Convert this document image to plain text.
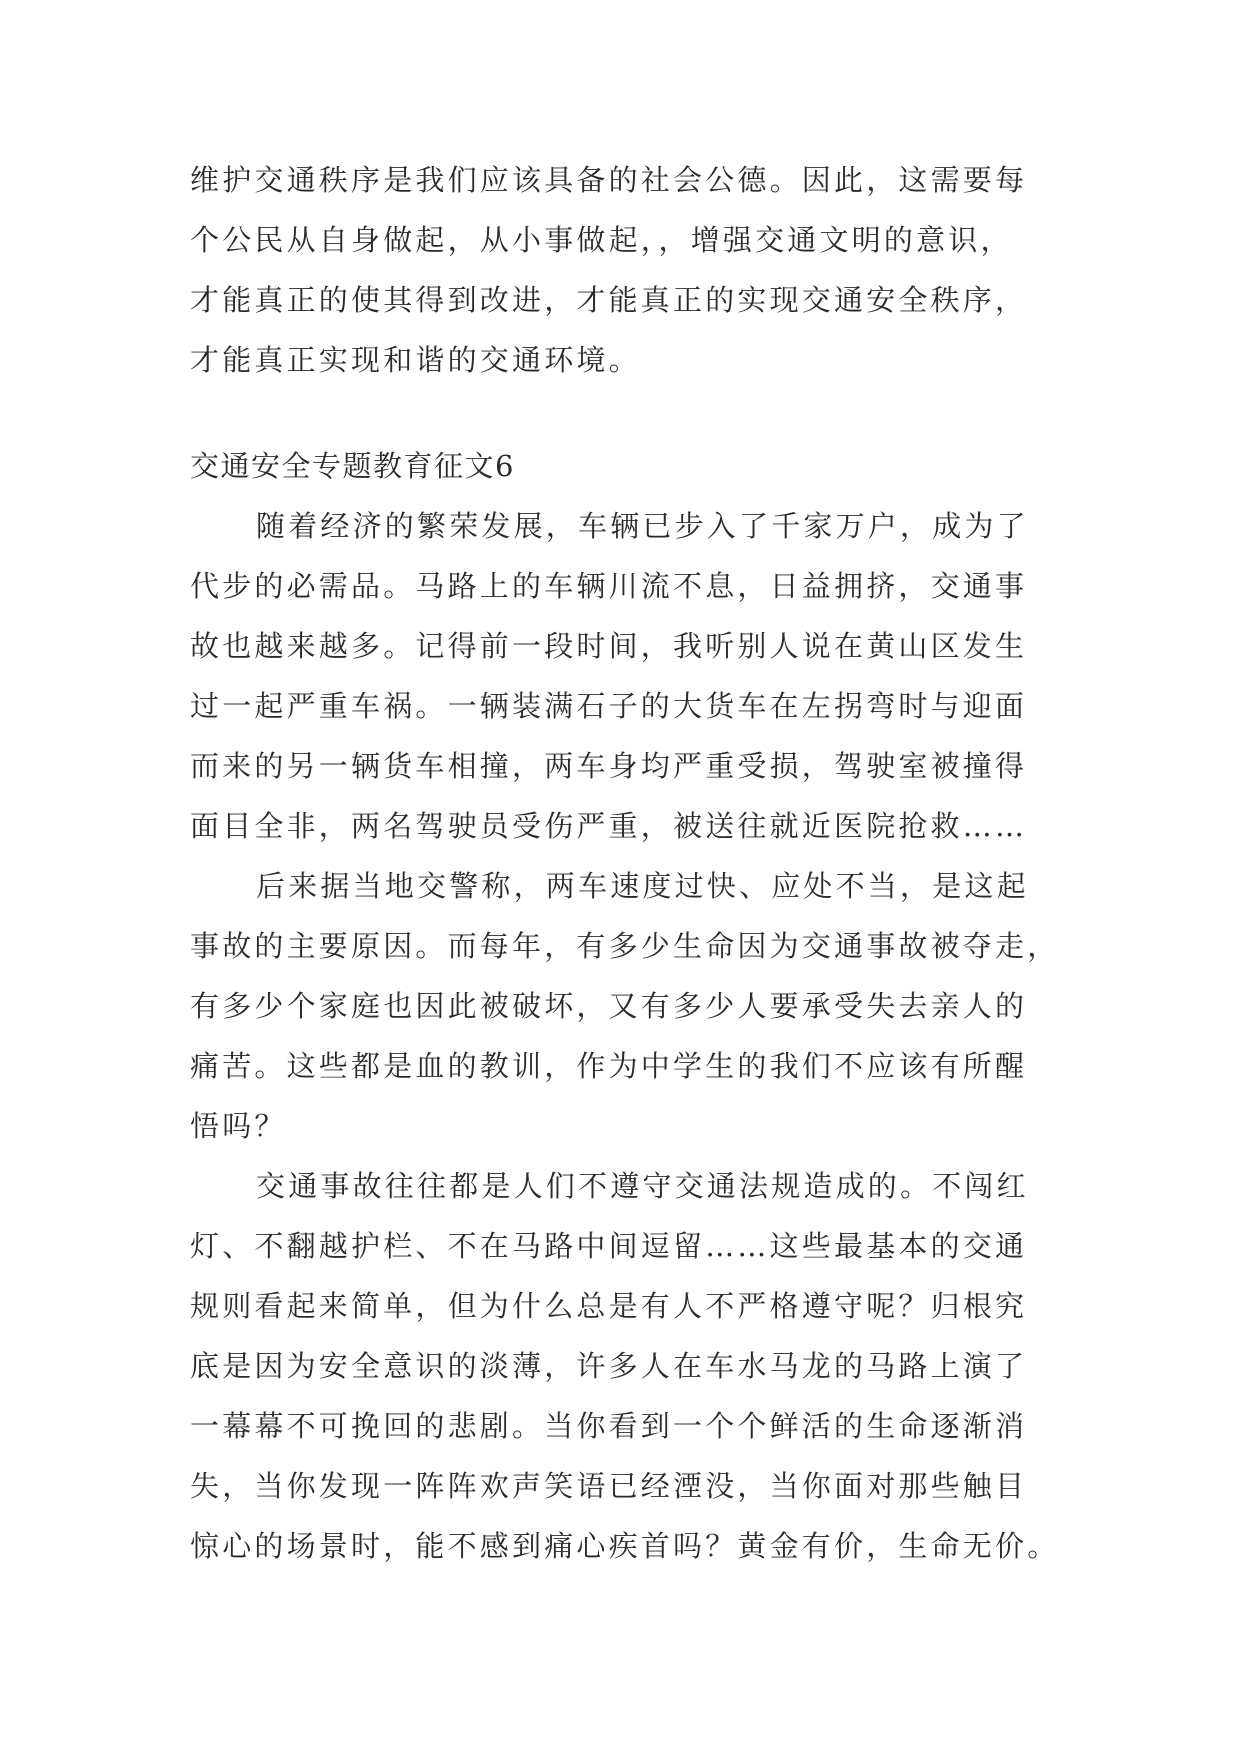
维护交通秩序是我们应该具备的社会公德。因此，这需要每
个公民从自身做起，从小事做起，，增强交通文明的意识，
才能真正的使其得到改进，才能真正的实现交通安全秩序，
才能真正实现和谐的交通环境。
交通安全专题教育征文6
随着经济的繁荣发展，车辆已步入了千家万户，成为了
代步的必需品。马路上的车辆川流不息，日益拥挤，交通事
故也越来越多。记得前一段时间，我听别人说在黄山区发生
过一起严重车祸。一辆装满石子的大货车在左拐弯时与迎面
而来的另一辆货车相撞，两车身均严重受损，驾驶室被撞得
面目全非，两名驾驶员受伤严重，被送往就近医院抢救……
后来据当地交警称，两车速度过快、应处不当，是这起
事故的主要原因。而每年，有多少生命因为交通事故被夺走，
有多少个家庭也因此被破坏，又有多少人要承受失去亲人的
痛苦。这些都是血的教训，作为中学生的我们不应该有所醒
悟吗？
交通事故往往都是人们不遵守交通法规造成的。不闯红
灯、不翻越护栏、不在马路中间逗留……这些最基本的交通
规则看起来简单，但为什么总是有人不严格遵守呢？归根究
底是因为安全意识的淡薄，许多人在车水马龙的马路上演了
一幕幕不可挽回的悲剧。当你看到一个个鲜活的生命逐渐消
失，当你发现一阵阵欢声笑语已经湮没，当你面对那些触目
惊心的场景时，能不感到痛心疾首吗？黄金有价，生命无价。
